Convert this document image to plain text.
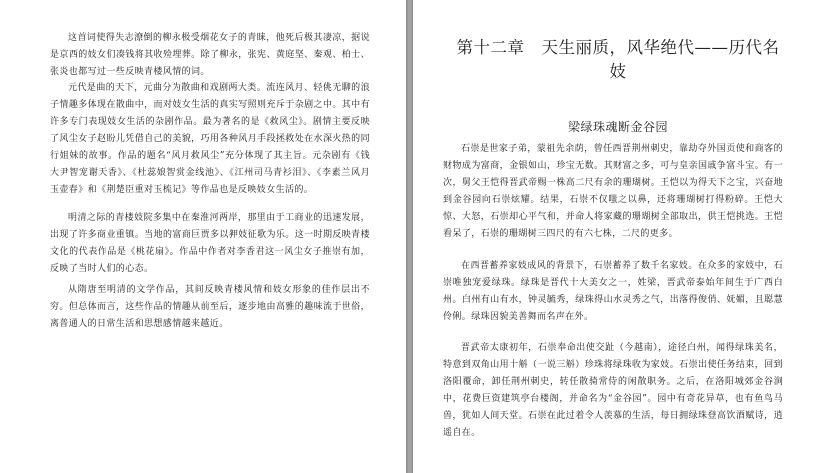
这首词使得失志潦倒的柳永极受烟花女子的青睐，他死后极其凄凉，据说是京西的妓女们凑钱将其收殓埋葬。除了柳永，张宪、黄庭坚、秦观、柏士、张炎也都写过一些反映青楼风情的词。

元代是曲的天下，元曲分为散曲和戏剧两大类。流连风月、轻佻无聊的浪子情趣多体现在散曲中，而对妓女生活的真实写照则充斥于杂剧之中。其中有许多专门表现妓女生活的杂剧作品。最为著名的是《救风尘》。剧情主要反映了风尘女子赵盼儿凭借自己的美貌，巧用各种风月手段拯救处在水深火热的同行姐妹的故事。作品的题名“风月救风尘”充分体现了其主旨。元杂剧有《钱大尹智宠谢天香》、《杜蕊娘智赏金线池》、《江州司马青衫泪》、《李素兰风月玉壶春》和《荆楚臣重对玉梳记》等作品也是反映妓女生活的。

明清之际的青楼妓院多集中在秦淮河两岸，那里由于工商业的迅速发展，出现了许多商业重镇。当地的富商巨贾多以狎妓征歌为乐。这一时期反映青楼文化的代表作品是《桃花扇》。作品中作者对李香君这一风尘女子推崇有加，反映了当时人们的心态。

从隋唐至明清的文学作品，其间反映青楼风情和妓女形象的佳作层出不穷。但总体而言，这些作品的情趣从前至后，逐步地由高雅的趣味流于世俗，离普通人的日常生活和思想感情越来越近。

第十二章　天生丽质，风华绝代——历代名妓
梁绿珠魂断金谷园

石崇是世家子弟，蒙祖先余荫，曾任西晋荆州刺史，靠劫夺外国贡使和商客的财物成为富商，金银如山，珍宝无数。其财富之多，可与皇亲国戚争富斗宝。有一次，舅父王恺得晋武帝赐一株高二尺有余的珊瑚树。王恺以为得天下之宝，兴奋地到金谷园向石崇炫耀。结果，石崇不仅嗤之以鼻，还将珊瑚树打得粉碎。王恺大惊、大怒，石崇却心平气和，并命人将家藏的珊瑚树全部取出，供王恺挑选。王恺看呆了，石崇的珊瑚树三四尺的有六七株，二尺的更多。

在西晋蓄养家妓成风的背景下，石崇蓄养了数千名家妓。在众多的家妓中，石崇唯独宠爱绿珠。绿珠是晋代十大美女之一，姓梁，晋武帝泰始年间生于广西白州。白州有山有水，钟灵毓秀，绿珠得山水灵秀之气，出落得俊俏、妩媚，且聪慧伶俐。绿珠因貌美善舞而名声在外。

晋武帝太康初年，石崇奉命出使交趾（今越南），途径白州，闻得绿珠美名，特意到双角山用十斛（一说三斛）珍珠将绿珠收为家妓。石崇出使任务结束，回到洛阳覆命，卸任荆州刺史，转任散骑常侍的闲散职务。之后，在洛阳城郊金谷涧中，花费巨资建筑亭台楼阁，并命名为“金谷园”。园中有奇花异草，也有鱼鸟马兽，犹如人间天堂。石崇在此过着令人羡慕的生活，每日拥绿珠登高饮酒赋诗，逍遥自在。
